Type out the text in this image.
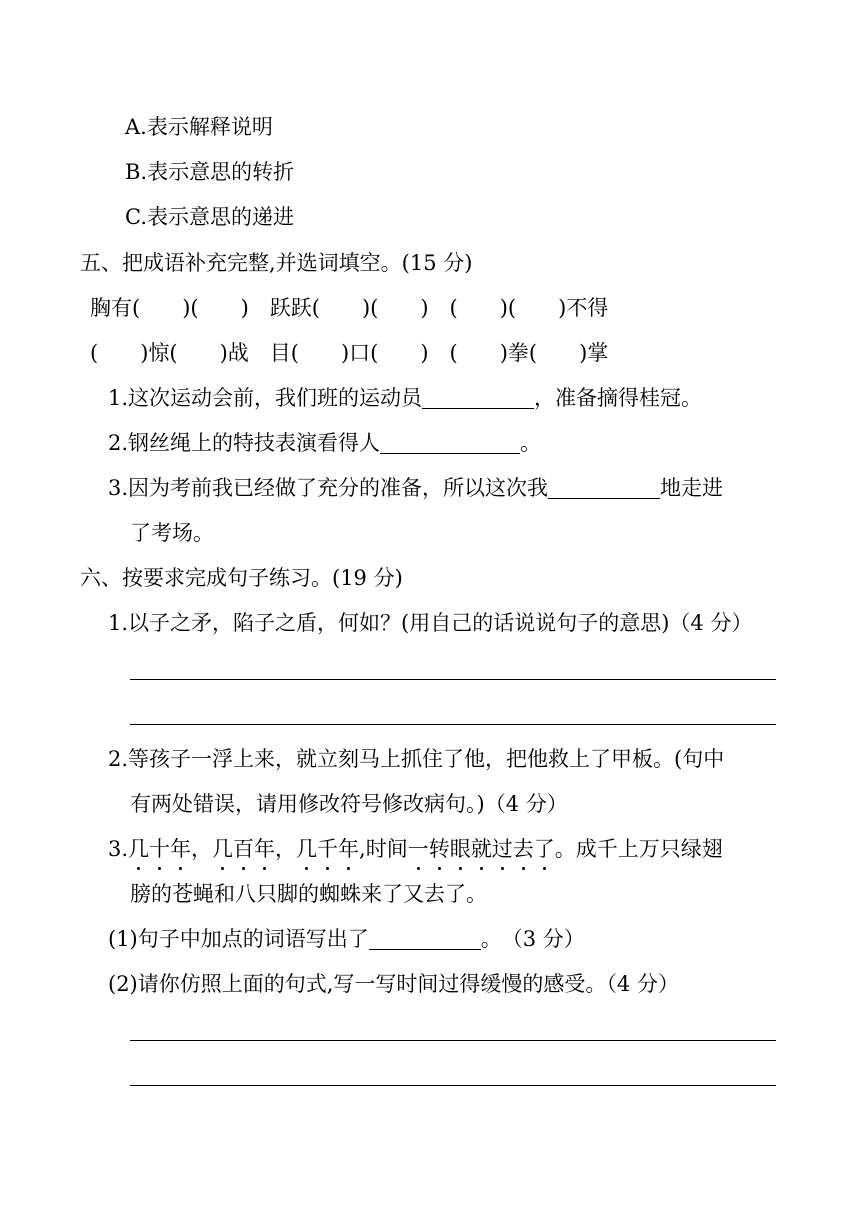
A.表示解释说明
B.表示意思的转折
C.表示意思的递进
五、把成语补充完整,并选词填空。(15 分)
胸有(　　)(　　)　跃跃(　　)(　　)　(　　)(　　)不得
(　　)惊(　　)战　目(　　)口(　　)　(　　)拳(　　)掌
1.这次运动会前，我们班的运动员	，准备摘得桂冠。
2.钢丝绳上的特技表演看得人	。
3.因为考前我已经做了充分的准备，所以这次我	地走进
了考场。
六、按要求完成句子练习。(19 分)
1.以子之矛，陷子之盾，何如？(用自己的话说说句子的意思)（4 分）
2.等孩子一浮上来，就立刻马上抓住了他，把他救上了甲板。(句中
有两处错误，请用修改符号修改病句。)（4 分）
3.几十年，几百年，几千年,时间一转眼就过去了。成千上万只绿翅
膀的苍蝇和八只脚的蜘蛛来了又去了。
(1)句子中加点的词语写出了	。　（3 分）
(2)请你仿照上面的句式,写一写时间过得缓慢的感受。（4 分）
